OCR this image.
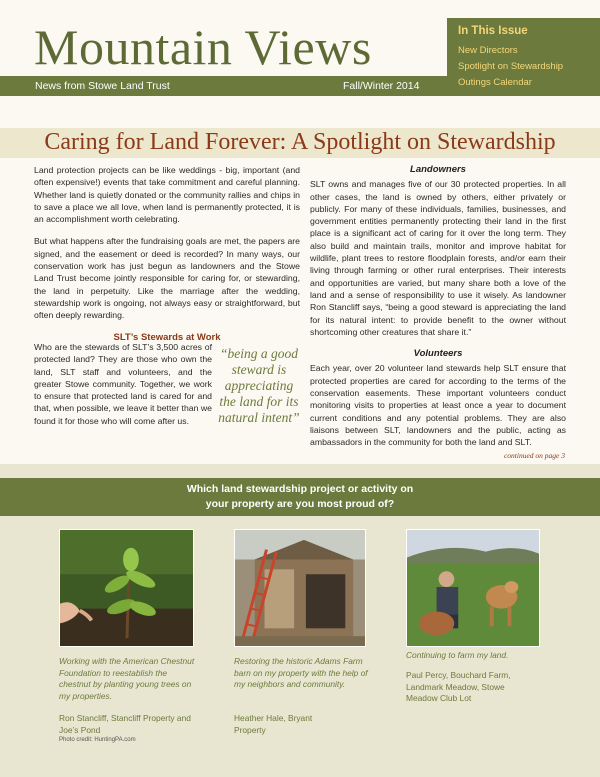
Mountain Views
News from Stowe Land Trust	Fall/Winter 2014
In This Issue
New Directors
Spotlight on Stewardship
Outings Calendar
Caring for Land Forever: A Spotlight on Stewardship

Land protection projects can be like weddings - big, important (and often expensive!) events that take commitment and careful planning. Whether land is quietly donated or the community rallies and chips in to save a place we all love, when land is permanently protected, it is an accomplishment worth celebrating.

But what happens after the fundraising goals are met, the papers are signed, and the easement or deed is recorded? In many ways, our conservation work has just begun as landowners and the Stowe Land Trust become jointly responsible for caring for, or stewarding, the land in perpetuity. Like the marriage after the wedding, stewardship work is ongoing, not always easy or straightforward, but often deeply rewarding.

SLT’s Stewards at Work
Who are the stewards of SLT’s 3,500 acres of protected land? They are those who own the land, SLT staff and volunteers, and the greater Stowe community. Together, we work to ensure that protected land is cared for and that, when possible, we leave it better than we found it for those who will come after us.
“being a good steward is appreciating the land for its natural intent”
Landowners

SLT owns and manages five of our 30 protected properties. In all other cases, the land is owned by others, either privately or publicly. For many of these individuals, families, businesses, and government entities permanently protecting their land in the first place is a significant act of caring for it over the long term. They also build and maintain trails, monitor and improve habitat for wildlife, plant trees to restore floodplain forests, and/or earn their living through farming or other rural enterprises. Their interests and opportunities are varied, but many share both a love of the land and a sense of responsibility to use it wisely. As landowner Ron Stancliff says, “being a good steward is appreciating the land for its natural intent: to provide benefit to the owner without shortcoming other creatures that share it.”

Volunteers

Each year, over 20 volunteer land stewards help SLT ensure that protected properties are cared for according to the terms of the conservation easements. These important volunteers conduct monitoring visits to properties at least once a year to document current conditions and any potential problems. They are also liaisons between SLT, landowners and the public, acting as ambassadors in the community for both the land and SLT.

continued on page 3
Which land stewardship project or activity on
your property are you most proud of?
Working with the American Chestnut Foundation to reestablish the chestnut by planting young trees on my properties.
Ron Stancliff, Stancliff Property and Joe’s Pond
Photo credit: HuntingPA.com
Restoring the historic Adams Farm barn on my property with the help of my neighbors and community.
Heather Hale, Bryant Property
Continuing to farm my land.
Paul Percy, Bouchard Farm, Landmark Meadow, Stowe Meadow Club Lot
